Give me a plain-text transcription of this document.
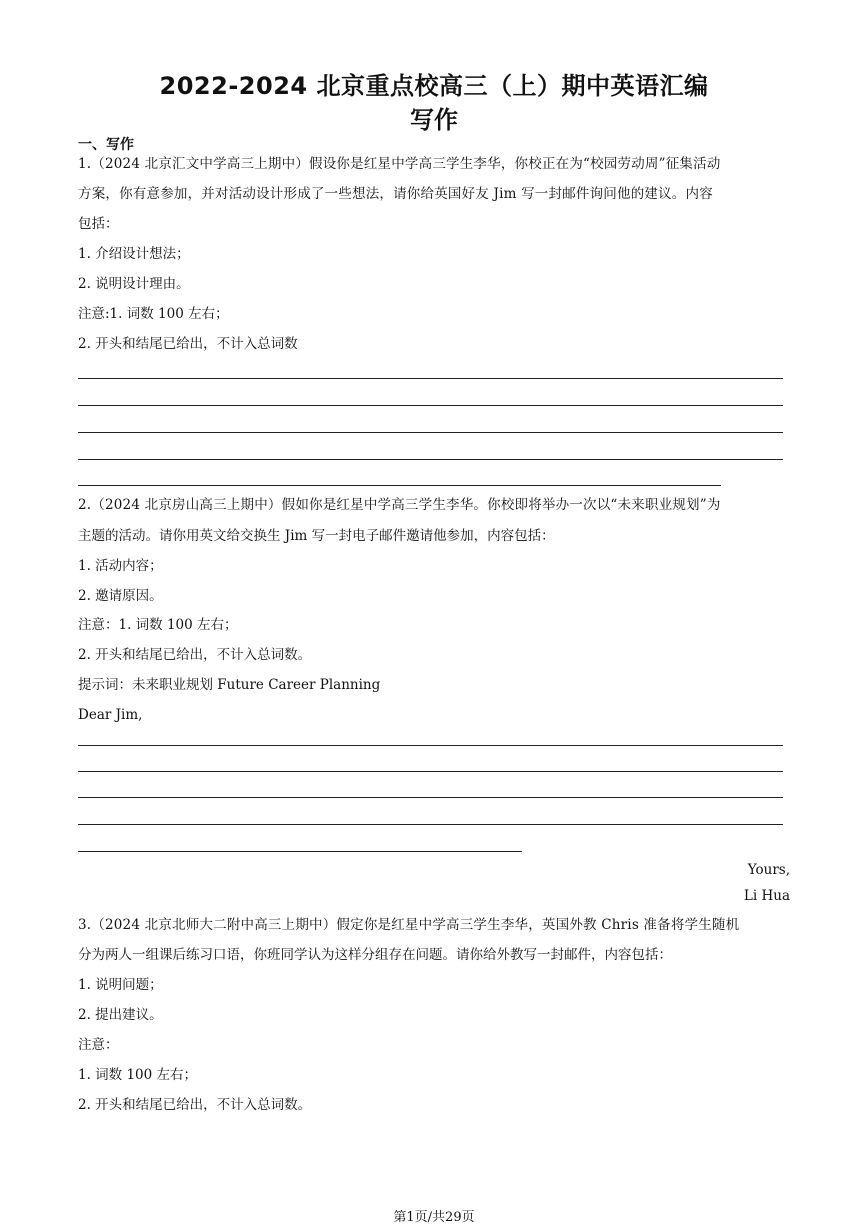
2022-2024 北京重点校高三（上）期中英语汇编
写作
一、写作
1.（2024 北京汇文中学高三上期中）假设你是红星中学高三学生李华，你校正在为“校园劳动周”征集活动
方案，你有意参加，并对活动设计形成了一些想法，请你给英国好友 Jim 写一封邮件询问他的建议。内容
包括：
1. 介绍设计想法；
2. 说明设计理由。
注意:1. 词数 100 左右；
2. 开头和结尾已给出，不计入总词数
2.（2024 北京房山高三上期中）假如你是红星中学高三学生李华。你校即将举办一次以“未来职业规划”为
主题的活动。请你用英文给交换生 Jim 写一封电子邮件邀请他参加，内容包括：
1. 活动内容；
2. 邀请原因。
注意：1. 词数 100 左右；
2. 开头和结尾已给出，不计入总词数。
提示词：未来职业规划 Future Career Planning
Dear Jim,
Yours,
Li Hua
3.（2024 北京北师大二附中高三上期中）假定你是红星中学高三学生李华，英国外教 Chris 准备将学生随机
分为两人一组课后练习口语，你班同学认为这样分组存在问题。请你给外教写一封邮件，内容包括：
1. 说明问题；
2. 提出建议。
注意：
1. 词数 100 左右；
2. 开头和结尾已给出，不计入总词数。
第1页/共29页
